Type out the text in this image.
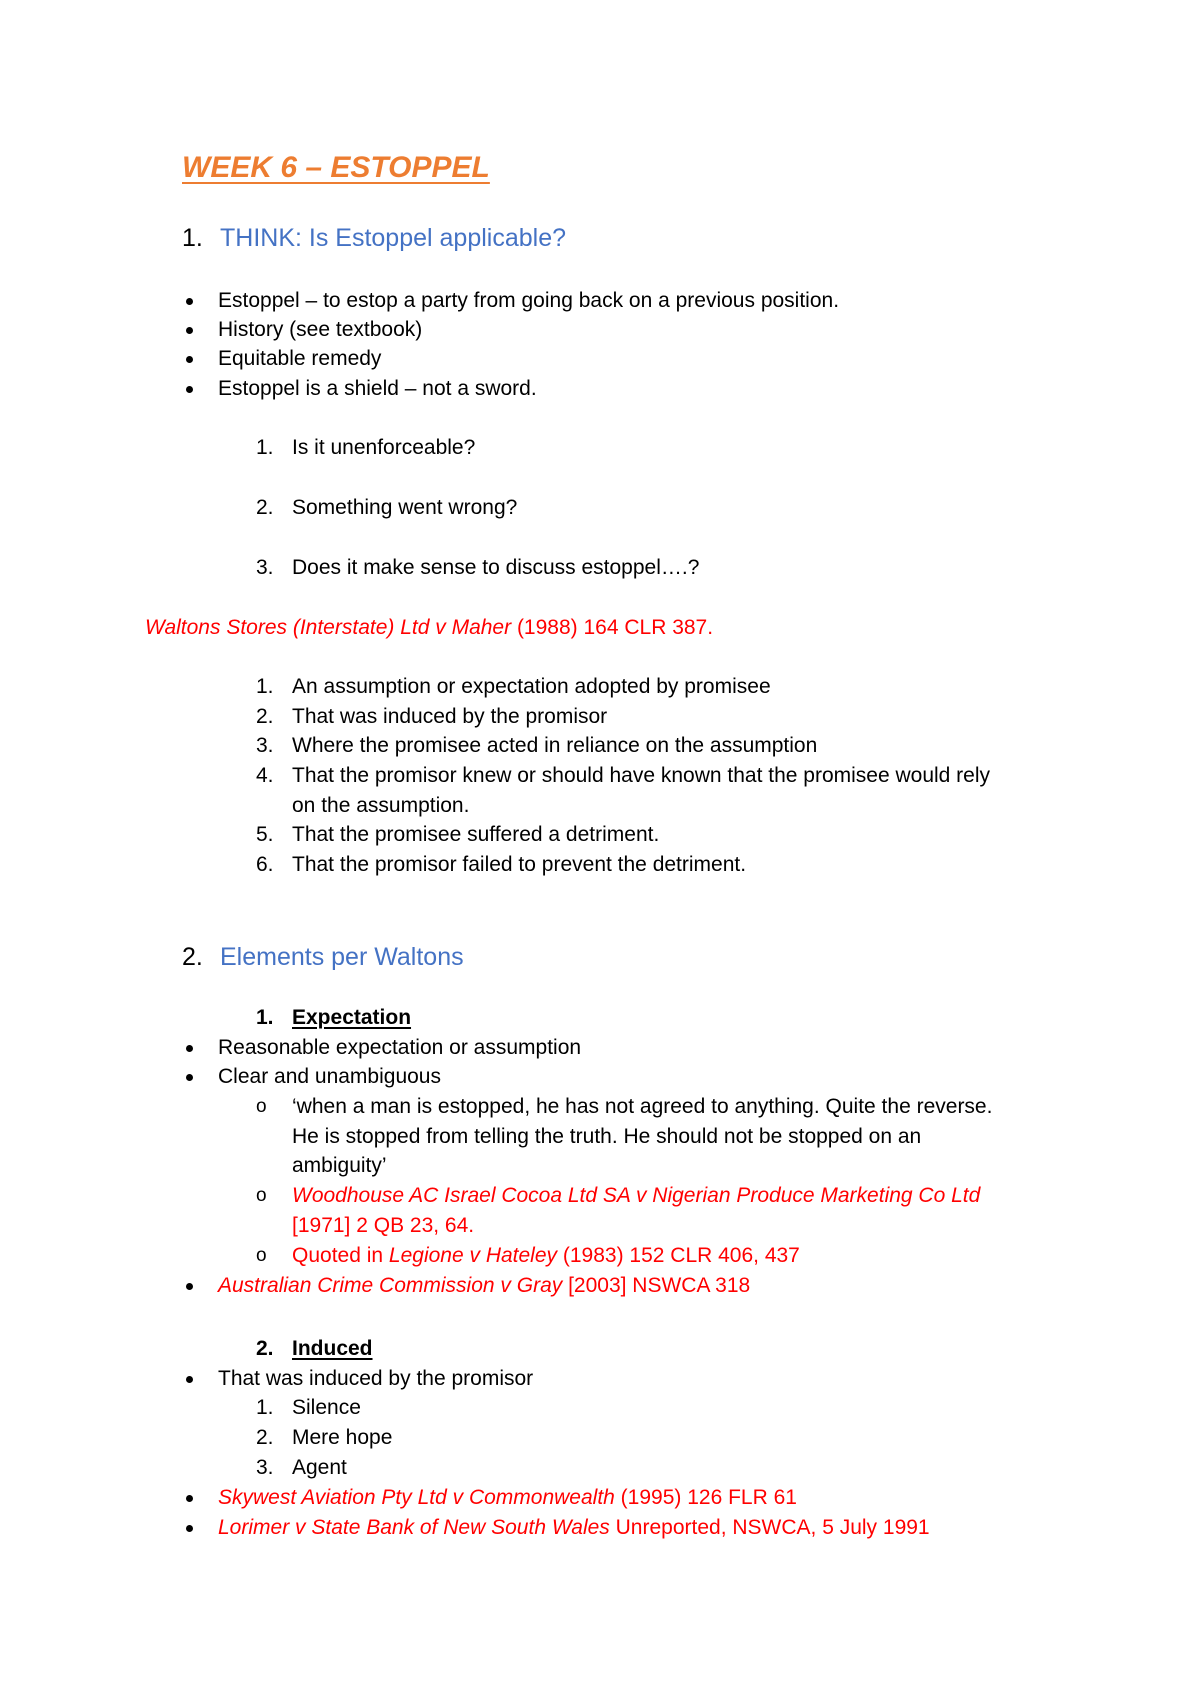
WEEK 6 – ESTOPPEL
1. THINK: Is Estoppel applicable?
Estoppel – to estop a party from going back on a previous position.
History (see textbook)
Equitable remedy
Estoppel is a shield – not a sword.
1. Is it unenforceable?
2. Something went wrong?
3. Does it make sense to discuss estoppel….?
Waltons Stores (Interstate) Ltd v Maher (1988) 164 CLR 387.
1. An assumption or expectation adopted by promisee
2. That was induced by the promisor
3. Where the promisee acted in reliance on the assumption
4. That the promisor knew or should have known that the promisee would rely
on the assumption.
5. That the promisee suffered a detriment.
6. That the promisor failed to prevent the detriment.
2. Elements per Waltons
1. Expectation
Reasonable expectation or assumption
Clear and unambiguous
o ‘when a man is estopped, he has not agreed to anything. Quite the reverse.
He is stopped from telling the truth. He should not be stopped on an
ambiguity’
o Woodhouse AC Israel Cocoa Ltd SA v Nigerian Produce Marketing Co Ltd
[1971] 2 QB 23, 64.
o Quoted in Legione v Hateley (1983) 152 CLR 406, 437
Australian Crime Commission v Gray [2003] NSWCA 318
2. Induced
That was induced by the promisor
1. Silence
2. Mere hope
3. Agent
Skywest Aviation Pty Ltd v Commonwealth (1995) 126 FLR 61
Lorimer v State Bank of New South Wales Unreported, NSWCA, 5 July 1991
